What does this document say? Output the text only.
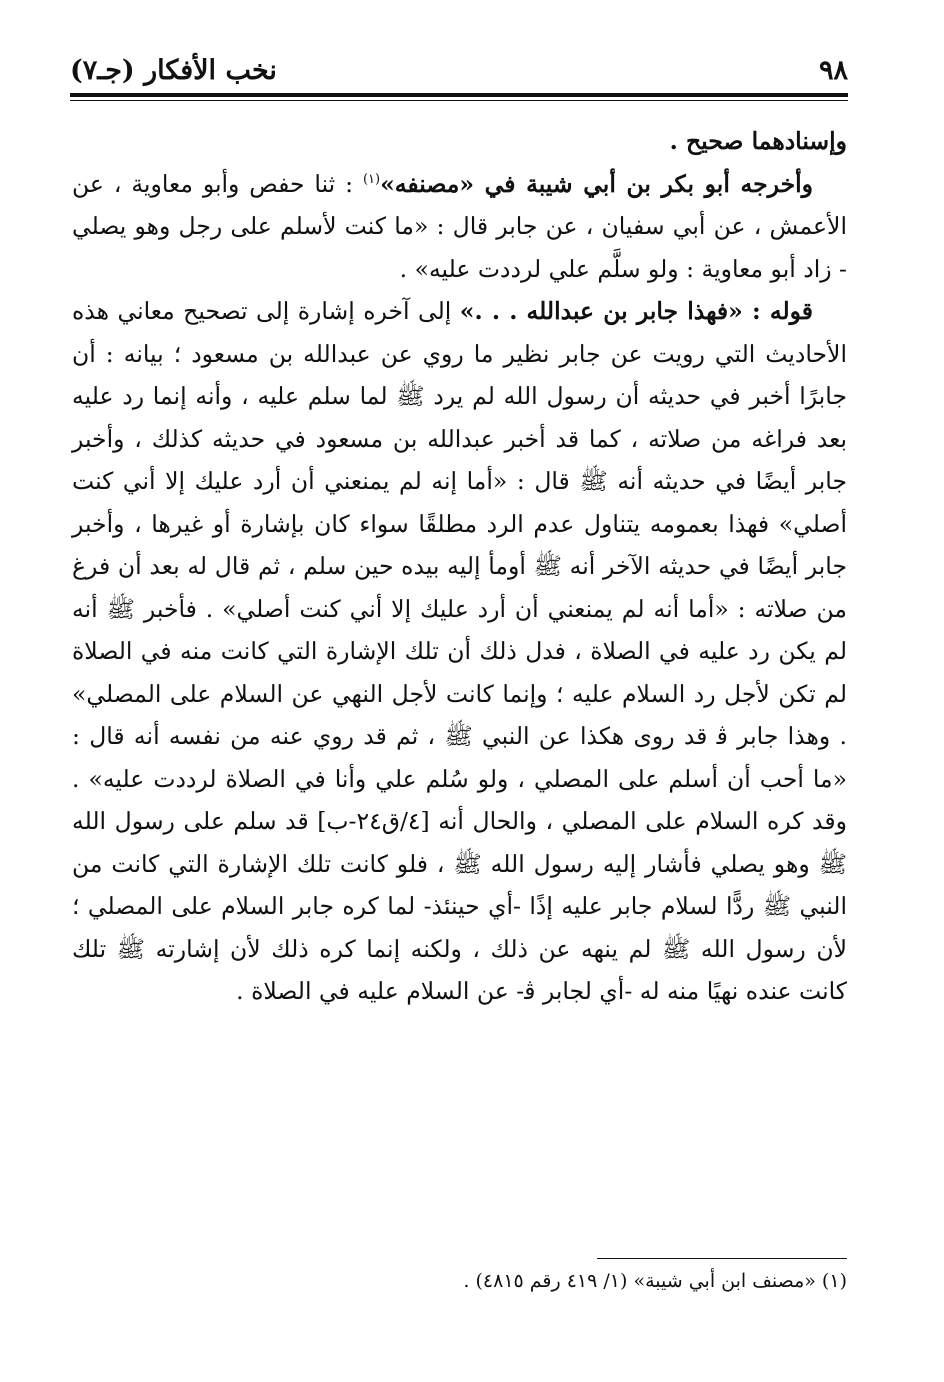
٩٨
نخب الأفكار (جـ٧)

وإسنادهما صحيح .

وأخرجه أبو بكر بن أبي شيبة في «مصنفه»$^{(١)}$ : ثنا حفص وأبو معاوية ، عن الأعمش ، عن أبي سفيان ، عن جابر قال : «ما كنت لأسلم على رجل وهو يصلي - زاد أبو معاوية : ولو سلَّم علي لرددت عليه» .

قوله : «فهذا جابر بن عبدالله . . .» إلى آخره إشارة إلى تصحيح معاني هذه الأحاديث التي رويت عن جابر نظير ما روي عن عبدالله بن مسعود ؛ بيانه : أن جابرًا أخبر في حديثه أن رسول الله لم يرد ﷺ لما سلم عليه ، وأنه إنما رد عليه بعد فراغه من صلاته ، كما قد أخبر عبدالله بن مسعود في حديثه كذلك ، وأخبر جابر أيضًا في حديثه أنه ﷺ قال : «أما إنه لم يمنعني أن أرد عليك إلا أني كنت أصلي» فهذا بعمومه يتناول عدم الرد مطلقًا سواء كان بإشارة أو غيرها ، وأخبر جابر أيضًا في حديثه الآخر أنه ﷺ أومأ إليه بيده حين سلم ، ثم قال له بعد أن فرغ من صلاته : «أما أنه لم يمنعني أن أرد عليك إلا أني كنت أصلي» . فأخبر ﷺ أنه لم يكن رد عليه في الصلاة ، فدل ذلك أن تلك الإشارة التي كانت منه في الصلاة لم تكن لأجل رد السلام عليه ؛ وإنما كانت لأجل النهي عن السلام على المصلي» . وهذا جابر ﭬ قد روى هكذا عن النبي ﷺ ، ثم قد روي عنه من نفسه أنه قال : «ما أحب أن أسلم على المصلي ، ولو سُلم علي وأنا في الصلاة لرددت عليه» . وقد كره السلام على المصلي ، والحال أنه [٤/ق٢٤-ب] قد سلم على رسول الله ﷺ وهو يصلي فأشار إليه رسول الله ﷺ ، فلو كانت تلك الإشارة التي كانت من النبي ﷺ ردًّا لسلام جابر عليه إذًا -أي حينئذ- لما كره جابر السلام على المصلي ؛ لأن رسول الله ﷺ لم ينهه عن ذلك ، ولكنه إنما كره ذلك لأن إشارته ﷺ تلك كانت عنده نهيًا منه له -أي لجابر ﭬ- عن السلام عليه في الصلاة .

(١) «مصنف ابن أبي شيبة» (١/ ٤١٩ رقم ٤٨١٥) .
